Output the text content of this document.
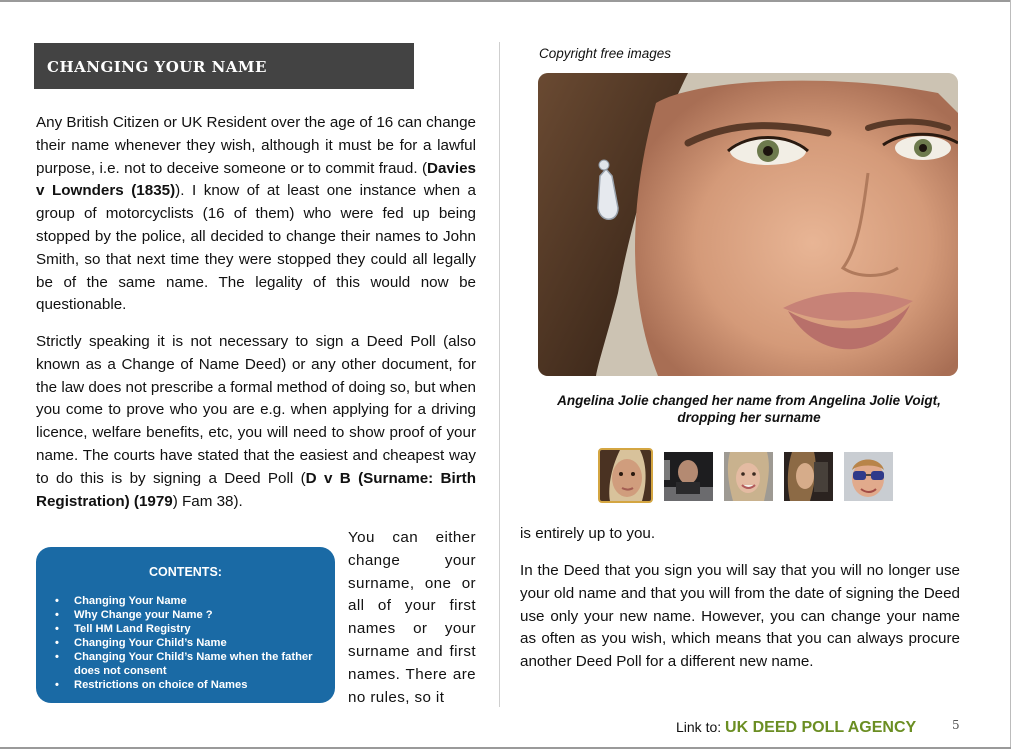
CHANGING YOUR NAME

Any British Citizen or UK Resident over the age of 16 can change their name whenever they wish, although it must be for a lawful purpose, i.e. not to deceive someone or to commit fraud. (Davies v Lownders (1835)). I know of at least one instance when a group of motorcyclists (16 of them) who were fed up being stopped by the police, all decided to change their names to John Smith, so that next time they were stopped they could all legally be of the same name. The legality of this would now be questionable.

Strictly speaking it is not necessary to sign a Deed Poll (also known as a Change of Name Deed) or any other document, for the law does not prescribe a formal method of doing so, but when you come to prove who you are e.g. when applying for a driving licence, welfare benefits, etc, you will need to show proof of your name. The courts have stated that the easiest and cheapest way to do this is by signing a Deed Poll (D v B (Surname: Birth Registration) (1979) Fam 38).

You can either change your surname, one or all of your first names or your surname and first names. There are no rules, so it

CONTENTS:
• Changing Your Name
• Why Change your Name ?
• Tell HM Land Registry
• Changing Your Child’s Name
• Changing Your Child’s Name when the father does not consent
• Restrictions on choice of Names
Copyright free images
Angelina Jolie changed her name from Angelina Jolie Voigt, dropping her surname

is entirely up to you.

In the Deed that you sign you will say that you will no longer use your old name and that you will from the date of signing the Deed use only your new name. However, you can change your name as often as you wish, which means that you can always procure another Deed Poll for a different new name.

Link to: UK DEED POLL AGENCY	5
